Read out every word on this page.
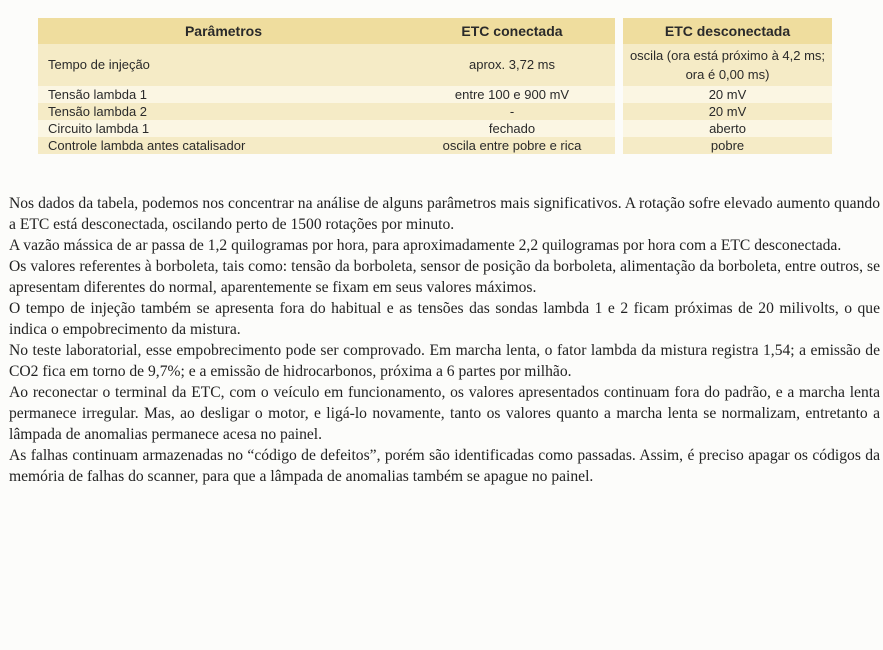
Parâmetros	ETC conectada		ETC desconectada
Tempo de injeção	aprox. 3,72 ms		oscila (ora está próximo à 4,2 ms; ora é 0,00 ms)
Tensão lambda 1	entre 100 e 900 mV		20 mV
Tensão lambda 2	-		20 mV
Circuito lambda 1	fechado		aberto
Controle lambda antes catalisador	oscila entre pobre e rica		pobre

Nos dados da tabela, podemos nos concentrar na análise de alguns parâmetros mais significativos. A rotação sofre elevado aumento quando a ETC está desconectada, oscilando perto de 1500 rotações por minuto.

A vazão mássica de ar passa de 1,2 quilogramas por hora, para aproximadamente 2,2 quilogramas por hora com a ETC desconectada.

Os valores referentes à borboleta, tais como: tensão da borboleta, sensor de posição da borboleta, alimentação da borboleta, entre outros, se apresentam diferentes do normal, aparentemente se fixam em seus valores máximos.

O tempo de injeção também se apresenta fora do habitual e as tensões das sondas lambda 1 e 2 ficam próximas de 20 milivolts, o que indica o empobrecimento da mistura.

No teste laboratorial, esse empobrecimento pode ser comprovado. Em marcha lenta, o fator lambda da mistura registra 1,54; a emissão de CO2 fica em torno de 9,7%; e a emissão de hidrocarbonos, próxima a 6 partes por milhão.

Ao reconectar o terminal da ETC, com o veículo em funcionamento, os valores apresentados continuam fora do padrão, e a marcha lenta permanece irregular. Mas, ao desligar o motor, e ligá-lo novamente, tanto os valores quanto a marcha lenta se normalizam, entretanto a lâmpada de anomalias permanece acesa no painel.

As falhas continuam armazenadas no “código de defeitos”, porém são identificadas como passadas. Assim, é preciso apagar os códigos da memória de falhas do scanner, para que a lâmpada de anomalias também se apague no painel.
